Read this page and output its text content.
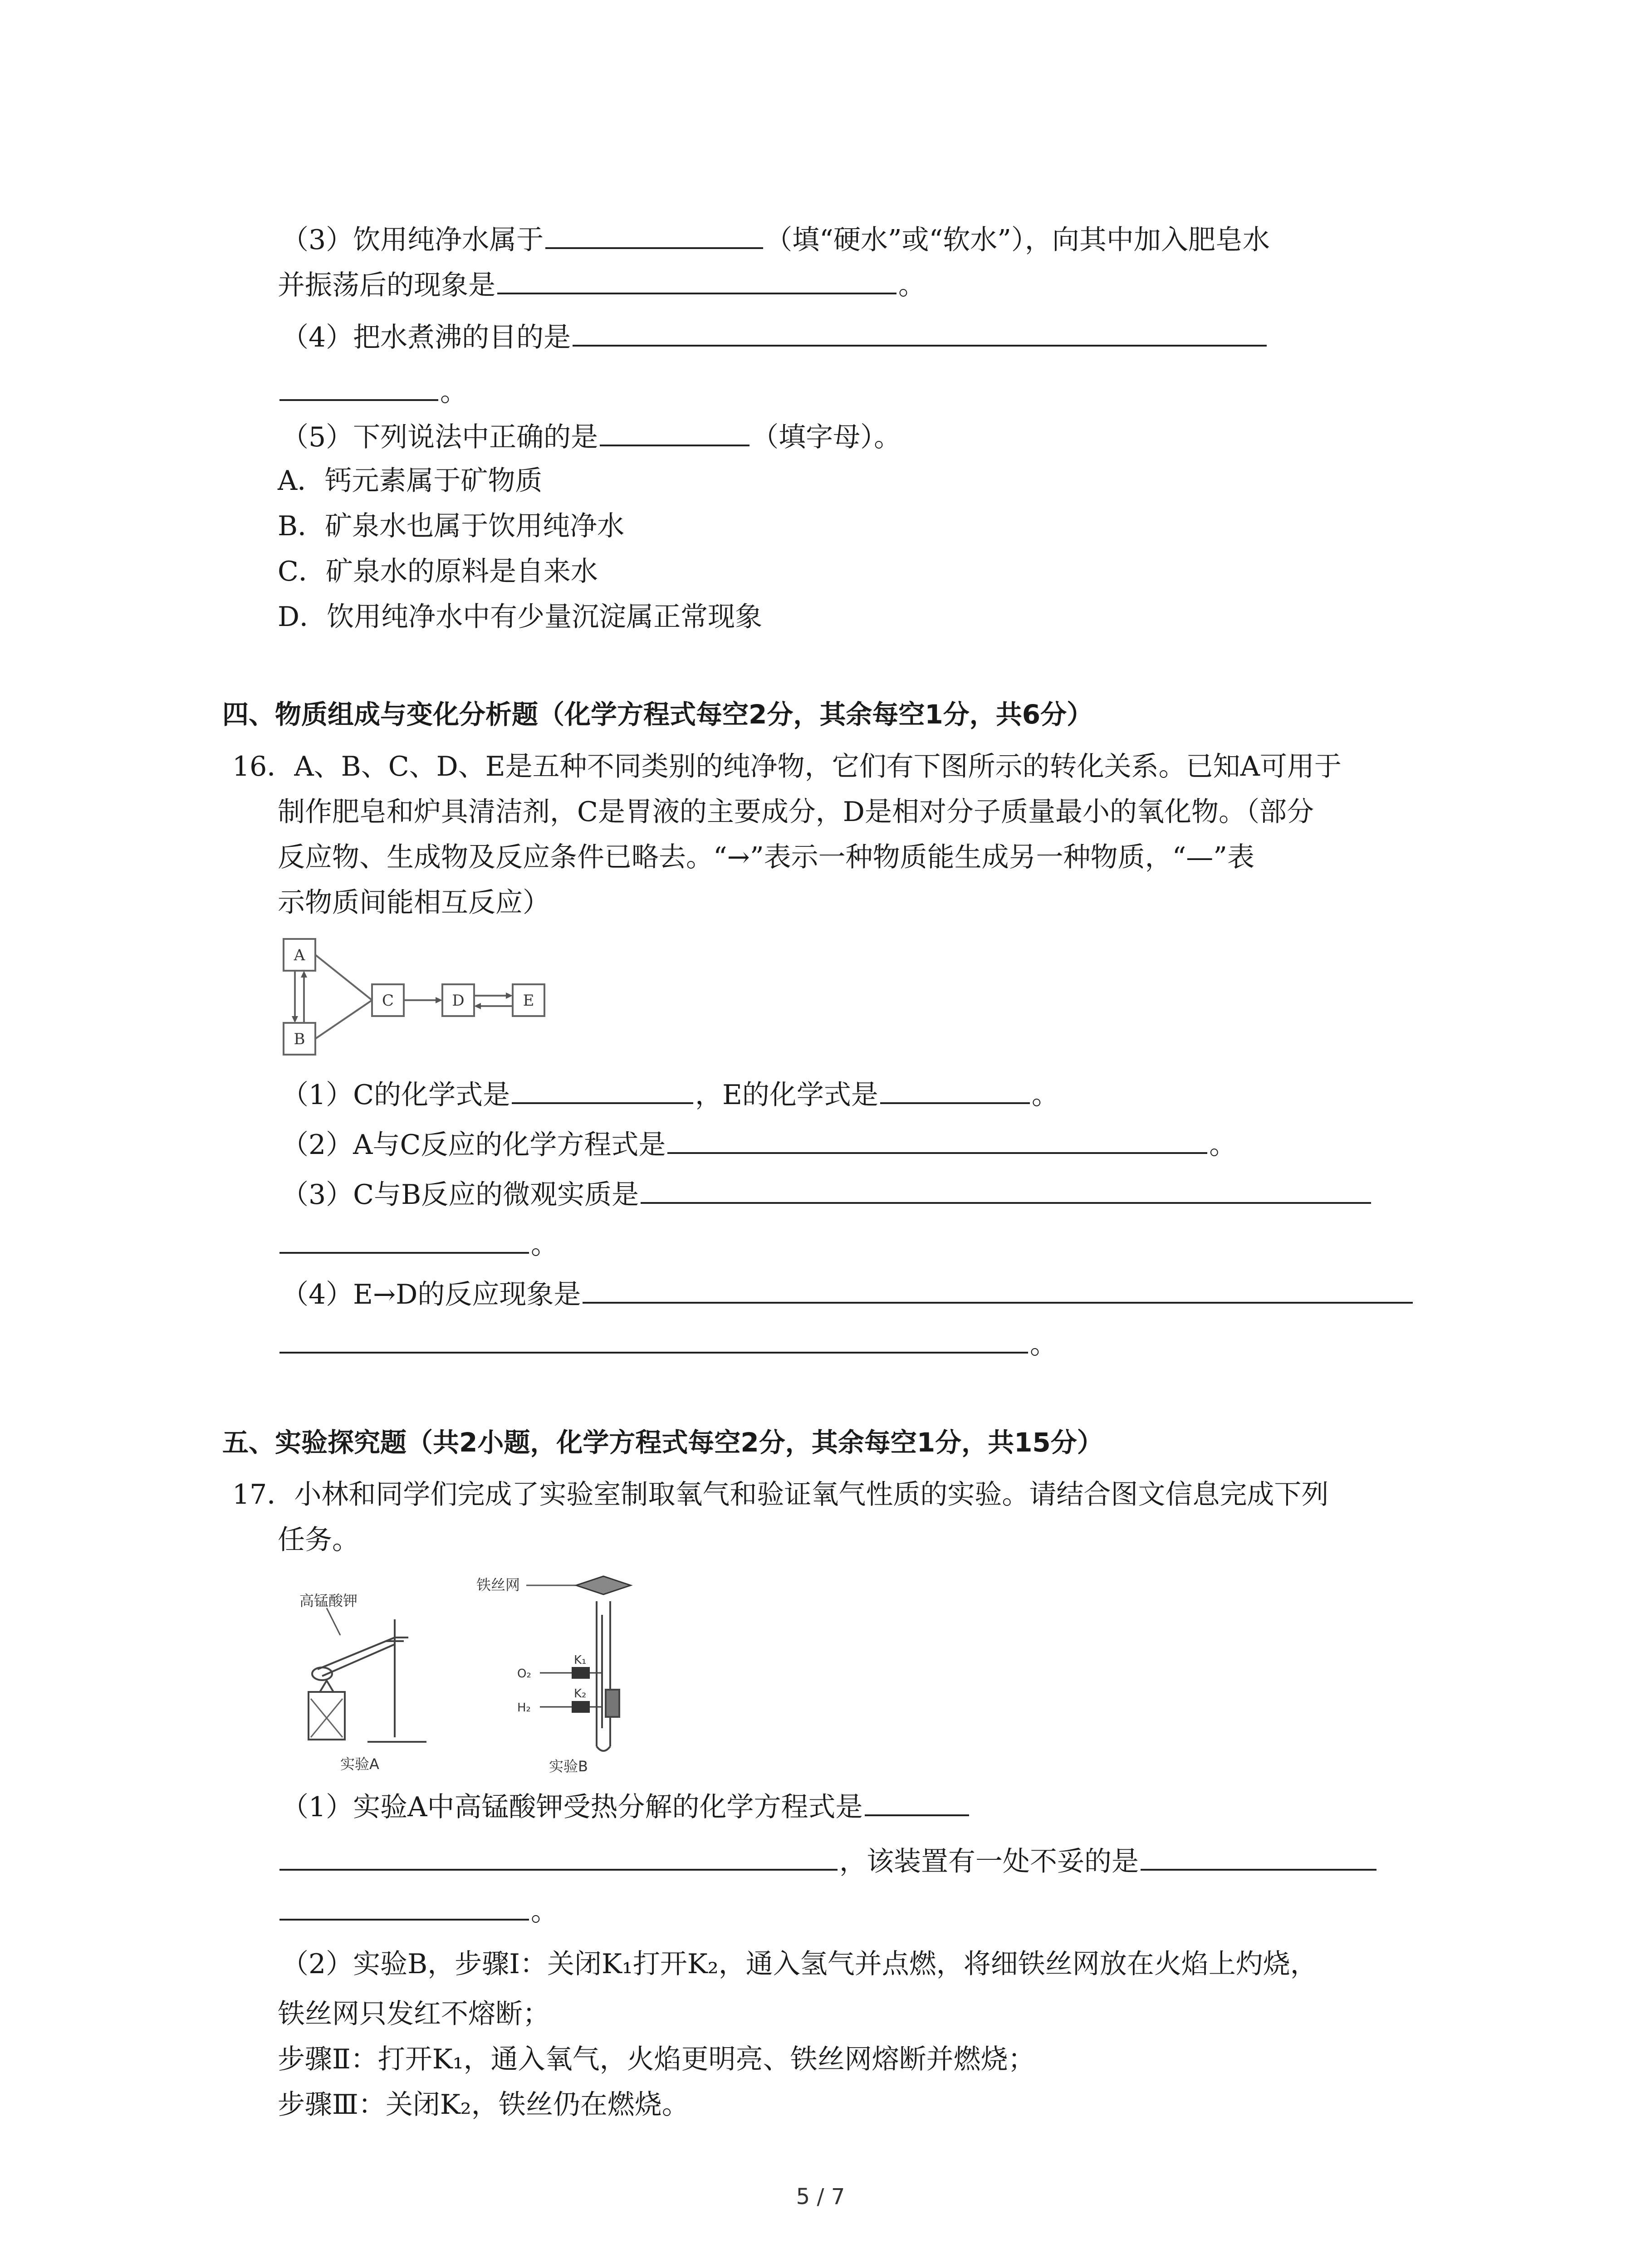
（3）饮用纯净水属于	（填“硬水”或“软水”），向其中加入肥皂水
并振荡后的现象是	。
（4）把水煮沸的目的是
。
（5）下列说法中正确的是	（填字母）。
A．钙元素属于矿物质
B．矿泉水也属于饮用纯净水
C．矿泉水的原料是自来水
D．饮用纯净水中有少量沉淀属正常现象
四、物质组成与变化分析题（化学方程式每空2分，其余每空1分，共6分）
16．A、B、C、D、E是五种不同类别的纯净物，它们有下图所示的转化关系。已知A可用于
制作肥皂和炉具清洁剂，C是胃液的主要成分，D是相对分子质量最小的氧化物。（部分
反应物、生成物及反应条件已略去。“→”表示一种物质能生成另一种物质，“—”表
示物质间能相互反应）
A
B
C	D	E
（1）C的化学式是	，E的化学式是	。
（2）A与C反应的化学方程式是	。
（3）C与B反应的微观实质是
。
（4）E→D的反应现象是
。
五、实验探究题（共2小题，化学方程式每空2分，其余每空1分，共15分）
17．小林和同学们完成了实验室制取氧气和验证氧气性质的实验。请结合图文信息完成下列
任务。
高锰酸钾
实验A
铁丝网
O₂
H₂
K₁
K₂
实验B
（1）实验A中高锰酸钾受热分解的化学方程式是
，该装置有一处不妥的是
。
（2）实验B，步骤Ⅰ：关闭K₁打开K₂，通入氢气并点燃，将细铁丝网放在火焰上灼烧，
铁丝网只发红不熔断；
步骤Ⅱ：打开K₁，通入氧气，火焰更明亮、铁丝网熔断并燃烧；
步骤Ⅲ：关闭K₂，铁丝仍在燃烧。
5 / 7
